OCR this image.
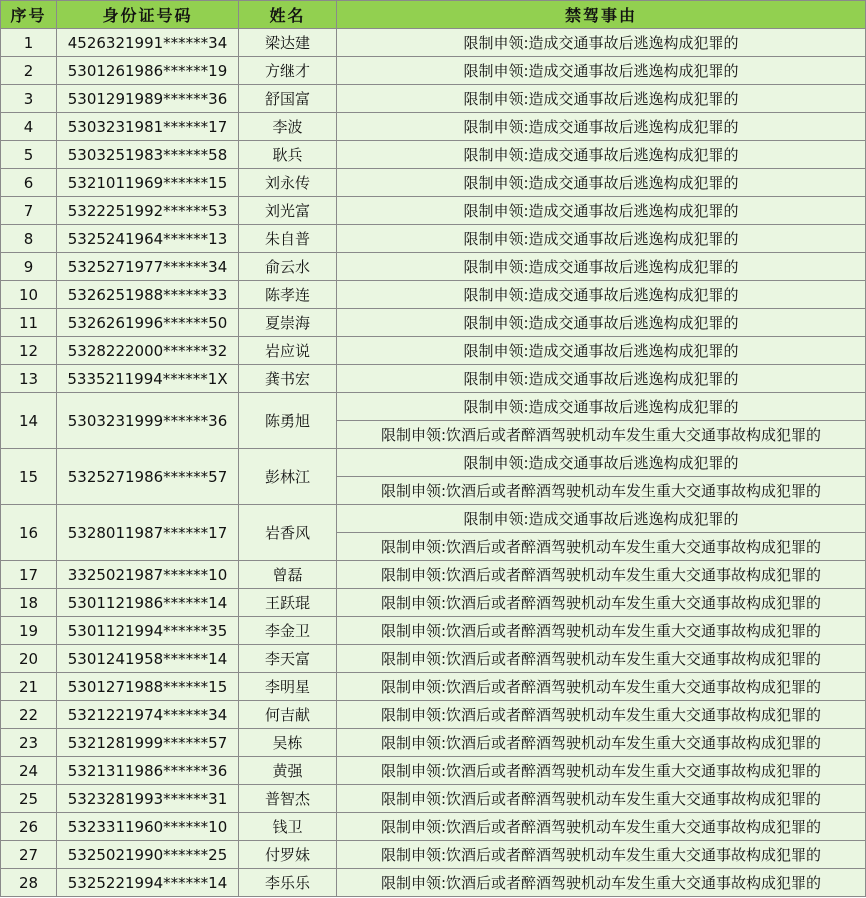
序号	身份证号码	姓名	禁驾事由
1	4526321991******34	梁达建	限制申领:造成交通事故后逃逸构成犯罪的
2	5301261986******19	方继才	限制申领:造成交通事故后逃逸构成犯罪的
3	5301291989******36	舒国富	限制申领:造成交通事故后逃逸构成犯罪的
4	5303231981******17	李波	限制申领:造成交通事故后逃逸构成犯罪的
5	5303251983******58	耿兵	限制申领:造成交通事故后逃逸构成犯罪的
6	5321011969******15	刘永传	限制申领:造成交通事故后逃逸构成犯罪的
7	5322251992******53	刘光富	限制申领:造成交通事故后逃逸构成犯罪的
8	5325241964******13	朱自普	限制申领:造成交通事故后逃逸构成犯罪的
9	5325271977******34	俞云水	限制申领:造成交通事故后逃逸构成犯罪的
10	5326251988******33	陈孝连	限制申领:造成交通事故后逃逸构成犯罪的
11	5326261996******50	夏崇海	限制申领:造成交通事故后逃逸构成犯罪的
12	5328222000******32	岩应说	限制申领:造成交通事故后逃逸构成犯罪的
13	5335211994******1X	龚书宏	限制申领:造成交通事故后逃逸构成犯罪的
14	5303231999******36	陈勇旭	限制申领:造成交通事故后逃逸构成犯罪的
			限制申领:饮酒后或者醉酒驾驶机动车发生重大交通事故构成犯罪的
15	5325271986******57	彭林江	限制申领:造成交通事故后逃逸构成犯罪的
			限制申领:饮酒后或者醉酒驾驶机动车发生重大交通事故构成犯罪的
16	5328011987******17	岩香风	限制申领:造成交通事故后逃逸构成犯罪的
			限制申领:饮酒后或者醉酒驾驶机动车发生重大交通事故构成犯罪的
17	3325021987******10	曾磊	限制申领:饮酒后或者醉酒驾驶机动车发生重大交通事故构成犯罪的
18	5301121986******14	王跃琨	限制申领:饮酒后或者醉酒驾驶机动车发生重大交通事故构成犯罪的
19	5301121994******35	李金卫	限制申领:饮酒后或者醉酒驾驶机动车发生重大交通事故构成犯罪的
20	5301241958******14	李天富	限制申领:饮酒后或者醉酒驾驶机动车发生重大交通事故构成犯罪的
21	5301271988******15	李明星	限制申领:饮酒后或者醉酒驾驶机动车发生重大交通事故构成犯罪的
22	5321221974******34	何吉献	限制申领:饮酒后或者醉酒驾驶机动车发生重大交通事故构成犯罪的
23	5321281999******57	吴栋	限制申领:饮酒后或者醉酒驾驶机动车发生重大交通事故构成犯罪的
24	5321311986******36	黄强	限制申领:饮酒后或者醉酒驾驶机动车发生重大交通事故构成犯罪的
25	5323281993******31	普智杰	限制申领:饮酒后或者醉酒驾驶机动车发生重大交通事故构成犯罪的
26	5323311960******10	钱卫	限制申领:饮酒后或者醉酒驾驶机动车发生重大交通事故构成犯罪的
27	5325021990******25	付罗妹	限制申领:饮酒后或者醉酒驾驶机动车发生重大交通事故构成犯罪的
28	5325221994******14	李乐乐	限制申领:饮酒后或者醉酒驾驶机动车发生重大交通事故构成犯罪的
